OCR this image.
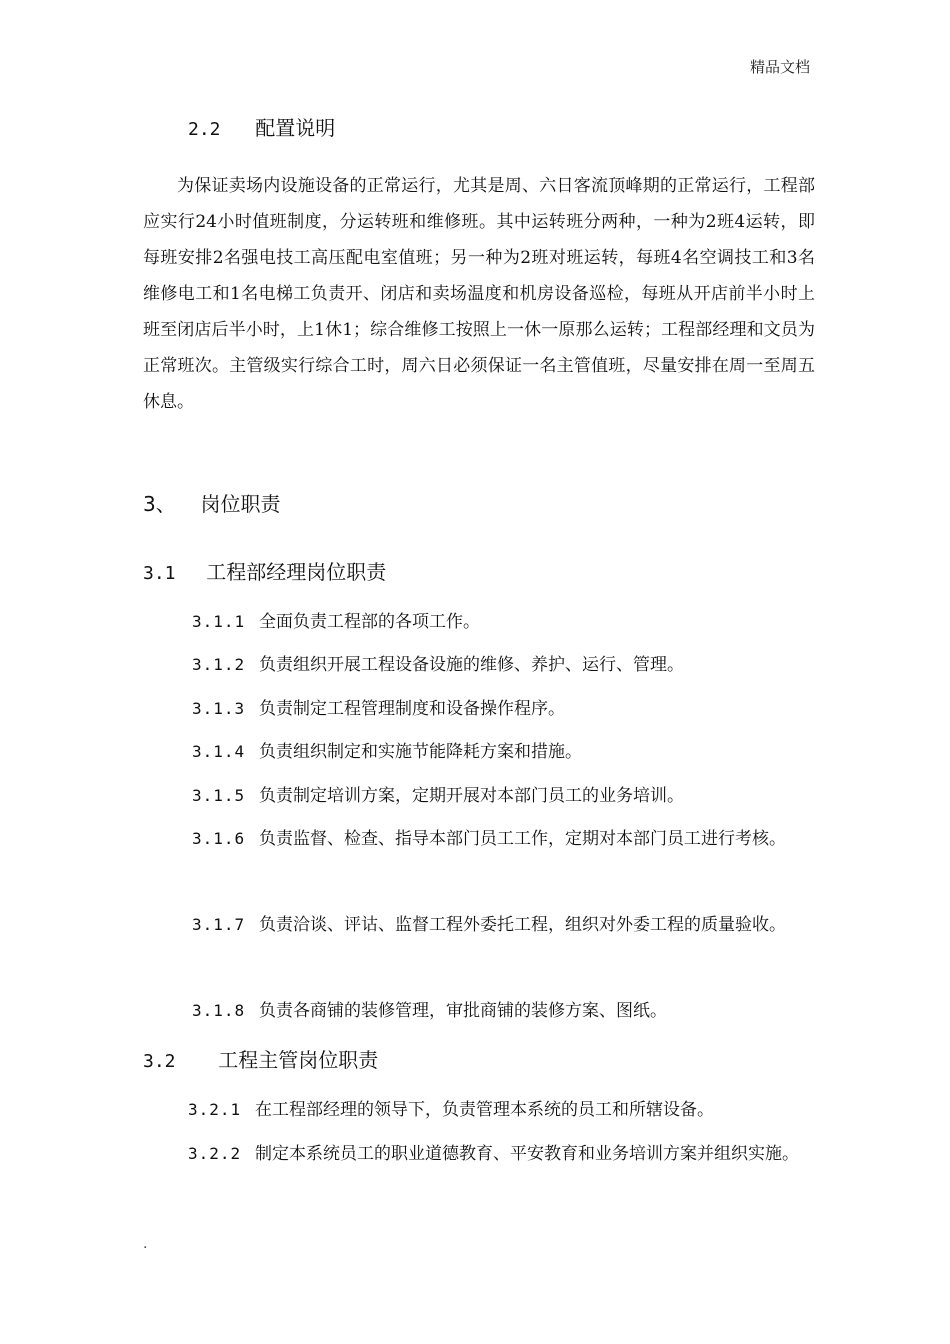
精品文档
2.2 配置说明

为保证卖场内设施设备的正常运行，尤其是周、六日客流顶峰期的正常运行，工程部应实行24小时值班制度，分运转班和维修班。其中运转班分两种，一种为2班4运转，即每班安排2名强电技工高压配电室值班；另一种为2班对班运转，每班4名空调技工和3名维修电工和1名电梯工负责开、闭店和卖场温度和机房设备巡检，每班从开店前半小时上班至闭店后半小时，上1休1；综合维修工按照上一休一原那么运转；工程部经理和文员为正常班次。主管级实行综合工时，周六日必须保证一名主管值班，尽量安排在周一至周五休息。

3、 岗位职责
3.1 工程部经理岗位职责
3.1.1 全面负责工程部的各项工作。
3.1.2 负责组织开展工程设备设施的维修、养护、运行、管理。
3.1.3 负责制定工程管理制度和设备操作程序。
3.1.4 负责组织制定和实施节能降耗方案和措施。
3.1.5 负责制定培训方案，定期开展对本部门员工的业务培训。
3.1.6 负责监督、检查、指导本部门员工工作，定期对本部门员工进行考核。
3.1.7 负责洽谈、评诂、监督工程外委托工程，组织对外委工程的质量验收。
3.1.8 负责各商铺的装修管理，审批商铺的装修方案、图纸。
3.2 工程主管岗位职责
3.2.1 在工程部经理的领导下，负责管理本系统的员工和所辖设备。
3.2.2 制定本系统员工的职业道德教育、平安教育和业务培训方案并组织实施。
.
